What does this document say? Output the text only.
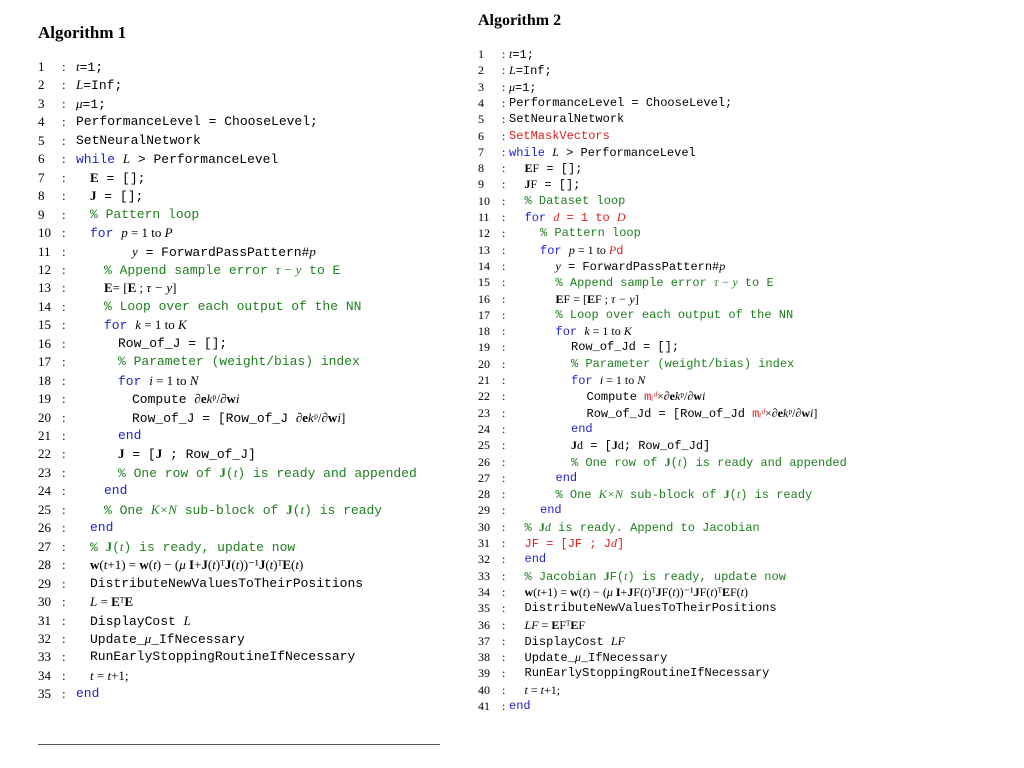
Algorithm 1
1	: t=1;
2	: L=Inf;
3	: μ=1;
4	: PerformanceLevel = ChooseLevel;
5	: SetNeuralNetwork
6	: while L > PerformanceLevel
7	: E = [];
8	: J = [];
9	: % Pattern loop
10 : for p = 1 to P
11 :	y = ForwardPassPattern#p
12 :	% Append sample error τ − y to E
13 :	E= [E ; τ − y]
14 :	% Loop over each output of the NN
15 :	for k = 1 to K
16 :	Row_of_J = [];
17 :	% Parameter (weight/bias) index
18 :	for i = 1 to N
19 :	Compute ∂ekᵖ/∂wi
20 :	Row_of_J = [Row_of_J ∂ekᵖ/∂wi]
21 :	end
22 :	J = [J ; Row_of_J]
23 :	% One row of J(t) is ready and appended
24 :	end
25 :	% One K×N sub-block of J(t) is ready
26 : end
27 : % J(t) is ready, update now
28 : w(t+1) = w(t) − (μ I+J(t)ᵀJ(t))⁻¹J(t)ᵀE(t)
29 : DistributeNewValuesToTheirPositions
30 : L = EᵀE
31 : DisplayCost L
32 : Update_μ_IfNecessary
33 : RunEarlyStoppingRoutineIfNecessary
34 : t = t+1;
35 : end
Algorithm 2
1	: t=1;
2	: L=Inf;
3	: μ=1;
4	: PerformanceLevel = ChooseLevel;
5	: SetNeuralNetwork
6	: SetMaskVectors
7	: while L > PerformanceLevel
8	: EF = [];
9	: JF = [];
10	: % Dataset loop
11	: for d = 1 to D
12	:	% Pattern loop
13	:	for p = 1 to Pd
14	:	y = ForwardPassPattern#p
15	:	% Append sample error τ − y to E
16	:	EF = [EF ; τ − y]
17	:	% Loop over each output of the NN
18	:	for k = 1 to K
19	:	Row_of_Jd = [];
20	:	% Parameter (weight/bias) index
21	:	for i = 1 to N
22	:	Compute mᵢᵈ×∂ekᵖ/∂wi
23	:	Row_of_Jd = [Row_of_Jd mᵢᵈ×∂ekᵖ/∂wi]
24	:	end
25	:	Jd = [Jd; Row_of_Jd]
26	:	% One row of J(t) is ready and appended
27	:	end
28	:	% One K×N sub-block of J(t) is ready
29	:	end
30	: % Jd is ready. Append to Jacobian
31	: JF = [JF ; Jd]
32	: end
33	: % Jacobian JF(t) is ready, update now
34	: w(t+1) = w(t) − (μ I+JF(t)ᵀJF(t))⁻¹JF(t)ᵀEF(t)
35	: DistributeNewValuesToTheirPositions
36	: LF = EFᵀEF
37	: DisplayCost LF
38	: Update_μ_IfNecessary
39	: RunEarlyStoppingRoutineIfNecessary
40	: t = t+1;
41	: end
